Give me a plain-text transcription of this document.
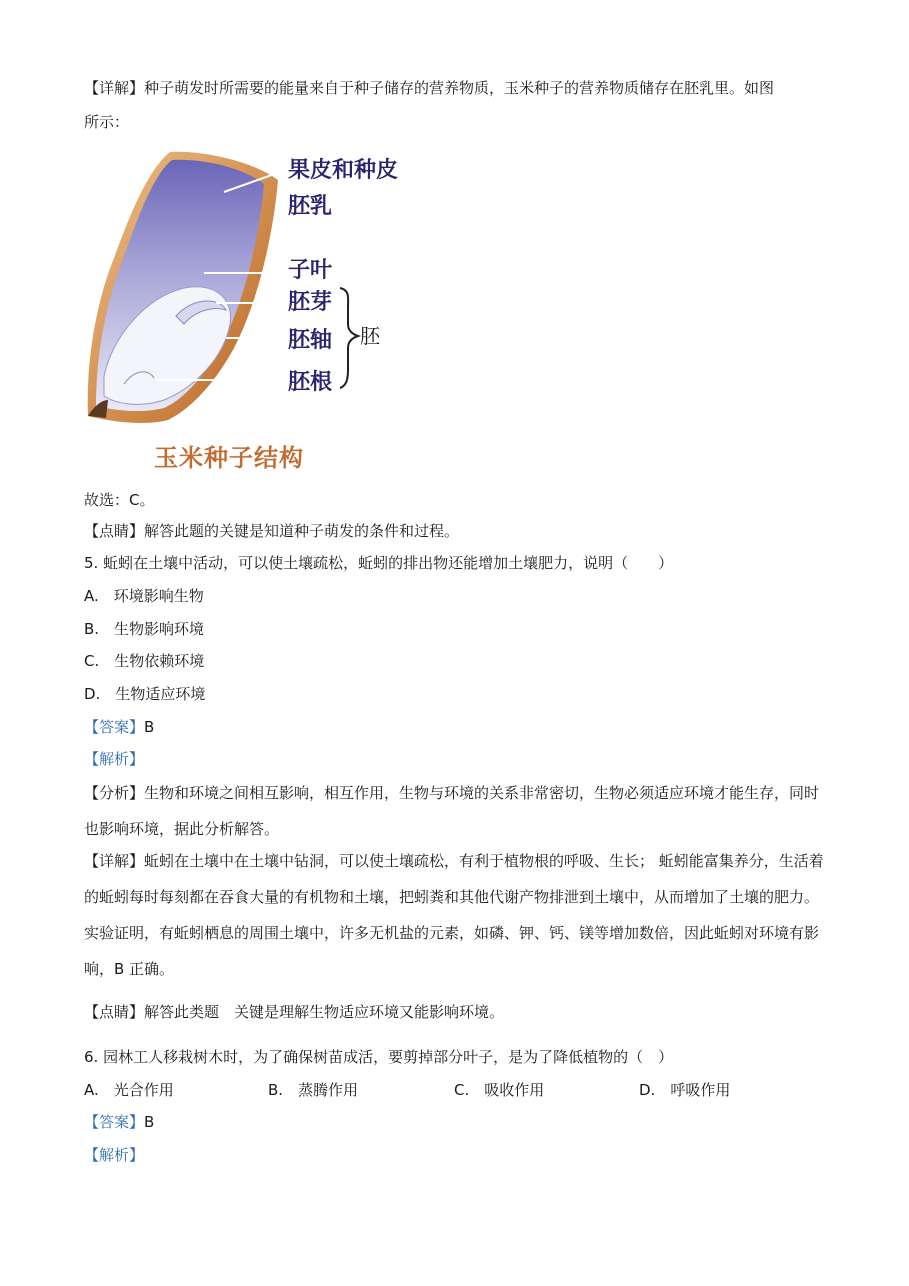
【详解】种子萌发时所需要的能量来自于种子储存的营养物质，玉米种子的营养物质储存在胚乳里。如图
所示：
果皮和种皮
胚乳
子叶
胚芽
胚轴
胚根
胚
玉米种子结构
故选：C。
【点睛】解答此题的关键是知道种子萌发的条件和过程。
5. 蚯蚓在土壤中活动，可以使土壤疏松，蚯蚓的排出物还能增加土壤肥力，说明（　　）
A.　环境影响生物
B.　生物影响环境
C.　生物依赖环境
D.　生物适应环境
【答案】B
【解析】
【分析】生物和环境之间相互影响，相互作用，生物与环境的关系非常密切，生物必须适应环境才能生存，同时也影响环境，据此分析解答。
【详解】蚯蚓在土壤中在土壤中钻洞，可以使土壤疏松，有利于植物根的呼吸、生长； 蚯蚓能富集养分，生活着的蚯蚓每时每刻都在吞食大量的有机物和土壤，把蚓粪和其他代谢产物排泄到土壤中，从而增加了土壤的肥力。实验证明，有蚯蚓栖息的周围土壤中，许多无机盐的元素，如磷、钾、钙、镁等增加数倍，因此蚯蚓对环境有影响，B 正确。
【点睛】解答此类题　关键是理解生物适应环境又能影响环境。
6. 园林工人移栽树木时，为了确保树苗成活，要剪掉部分叶子，是为了降低植物的（　）
A.　光合作用	B.　蒸腾作用	C.　吸收作用	D.　呼吸作用
【答案】B
【解析】
